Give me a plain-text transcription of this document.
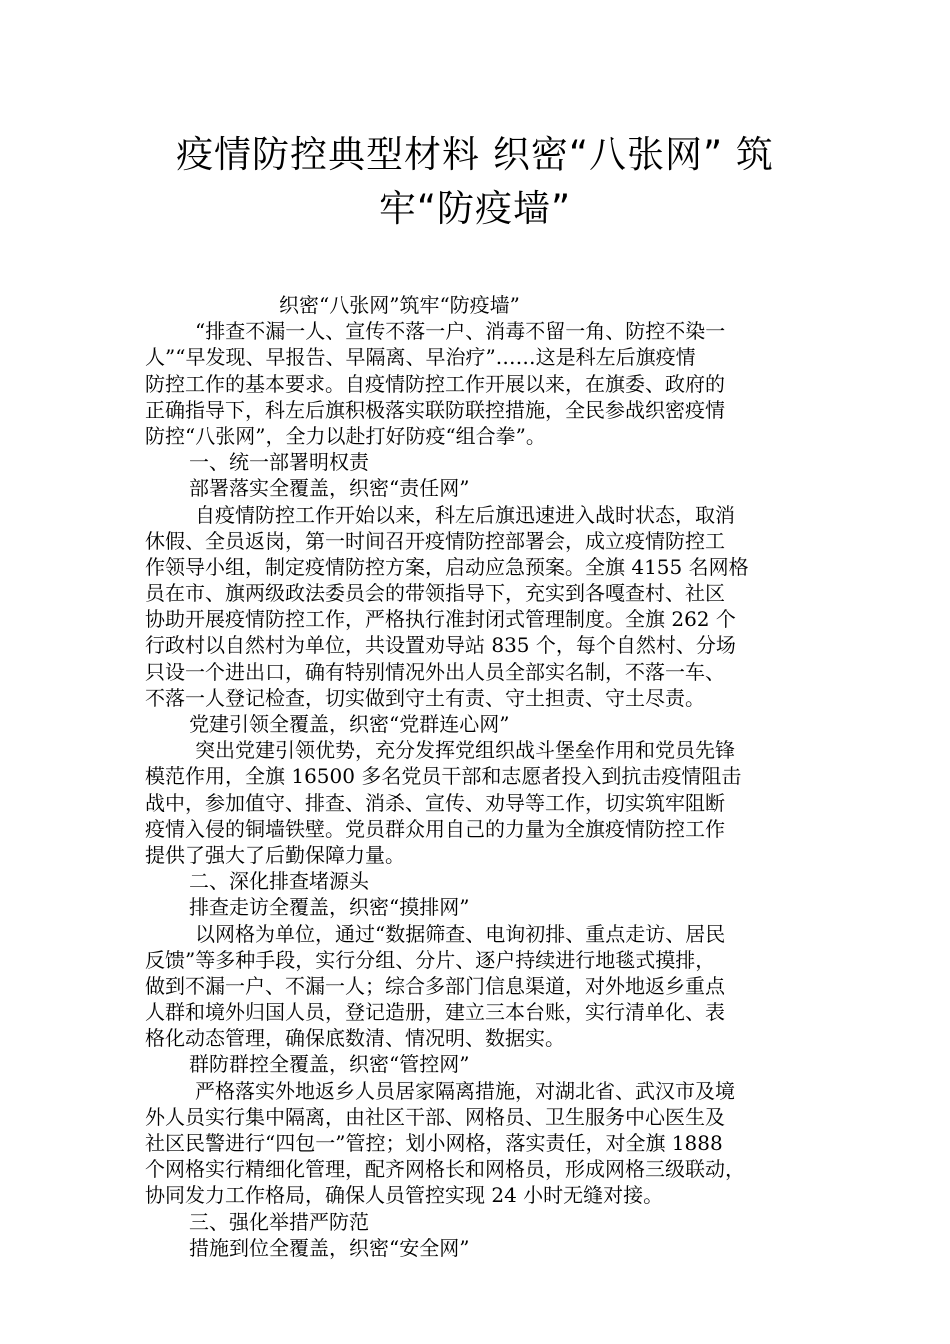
疫情防控典型材料 织密“八张网” 筑
牢“防疫墙”
织密“八张网”筑牢“防疫墙”
“排查不漏一人、宣传不落一户、消毒不留一角、防控不染一
人”“早发现、早报告、早隔离、早治疗”……这是科左后旗疫情
防控工作的基本要求。自疫情防控工作开展以来，在旗委、政府的
正确指导下，科左后旗积极落实联防联控措施，全民参战织密疫情
防控“八张网”，全力以赴打好防疫“组合拳”。
一、统一部署明权责
部署落实全覆盖，织密“责任网”
自疫情防控工作开始以来，科左后旗迅速进入战时状态，取消
休假、全员返岗，第一时间召开疫情防控部署会，成立疫情防控工
作领导小组，制定疫情防控方案，启动应急预案。全旗 4155 名网格
员在市、旗两级政法委员会的带领指导下，充实到各嘎查村、社区
协助开展疫情防控工作，严格执行准封闭式管理制度。全旗 262 个
行政村以自然村为单位，共设置劝导站 835 个，每个自然村、分场
只设一个进出口，确有特别情况外出人员全部实名制，不落一车、
不落一人登记检查，切实做到守土有责、守土担责、守土尽责。
党建引领全覆盖，织密“党群连心网”
突出党建引领优势，充分发挥党组织战斗堡垒作用和党员先锋
模范作用，全旗 16500 多名党员干部和志愿者投入到抗击疫情阻击
战中，参加值守、排查、消杀、宣传、劝导等工作，切实筑牢阻断
疫情入侵的铜墙铁壁。党员群众用自己的力量为全旗疫情防控工作
提供了强大了后勤保障力量。
二、深化排查堵源头
排查走访全覆盖，织密“摸排网”
以网格为单位，通过“数据筛查、电询初排、重点走访、居民
反馈”等多种手段，实行分组、分片、逐户持续进行地毯式摸排，
做到不漏一户、不漏一人；综合多部门信息渠道，对外地返乡重点
人群和境外归国人员，登记造册，建立三本台账，实行清单化、表
格化动态管理，确保底数清、情况明、数据实。
群防群控全覆盖，织密“管控网”
严格落实外地返乡人员居家隔离措施，对湖北省、武汉市及境
外人员实行集中隔离，由社区干部、网格员、卫生服务中心医生及
社区民警进行“四包一”管控；划小网格，落实责任，对全旗 1888
个网格实行精细化管理，配齐网格长和网格员，形成网格三级联动，
协同发力工作格局，确保人员管控实现 24 小时无缝对接。
三、强化举措严防范
措施到位全覆盖，织密“安全网”
